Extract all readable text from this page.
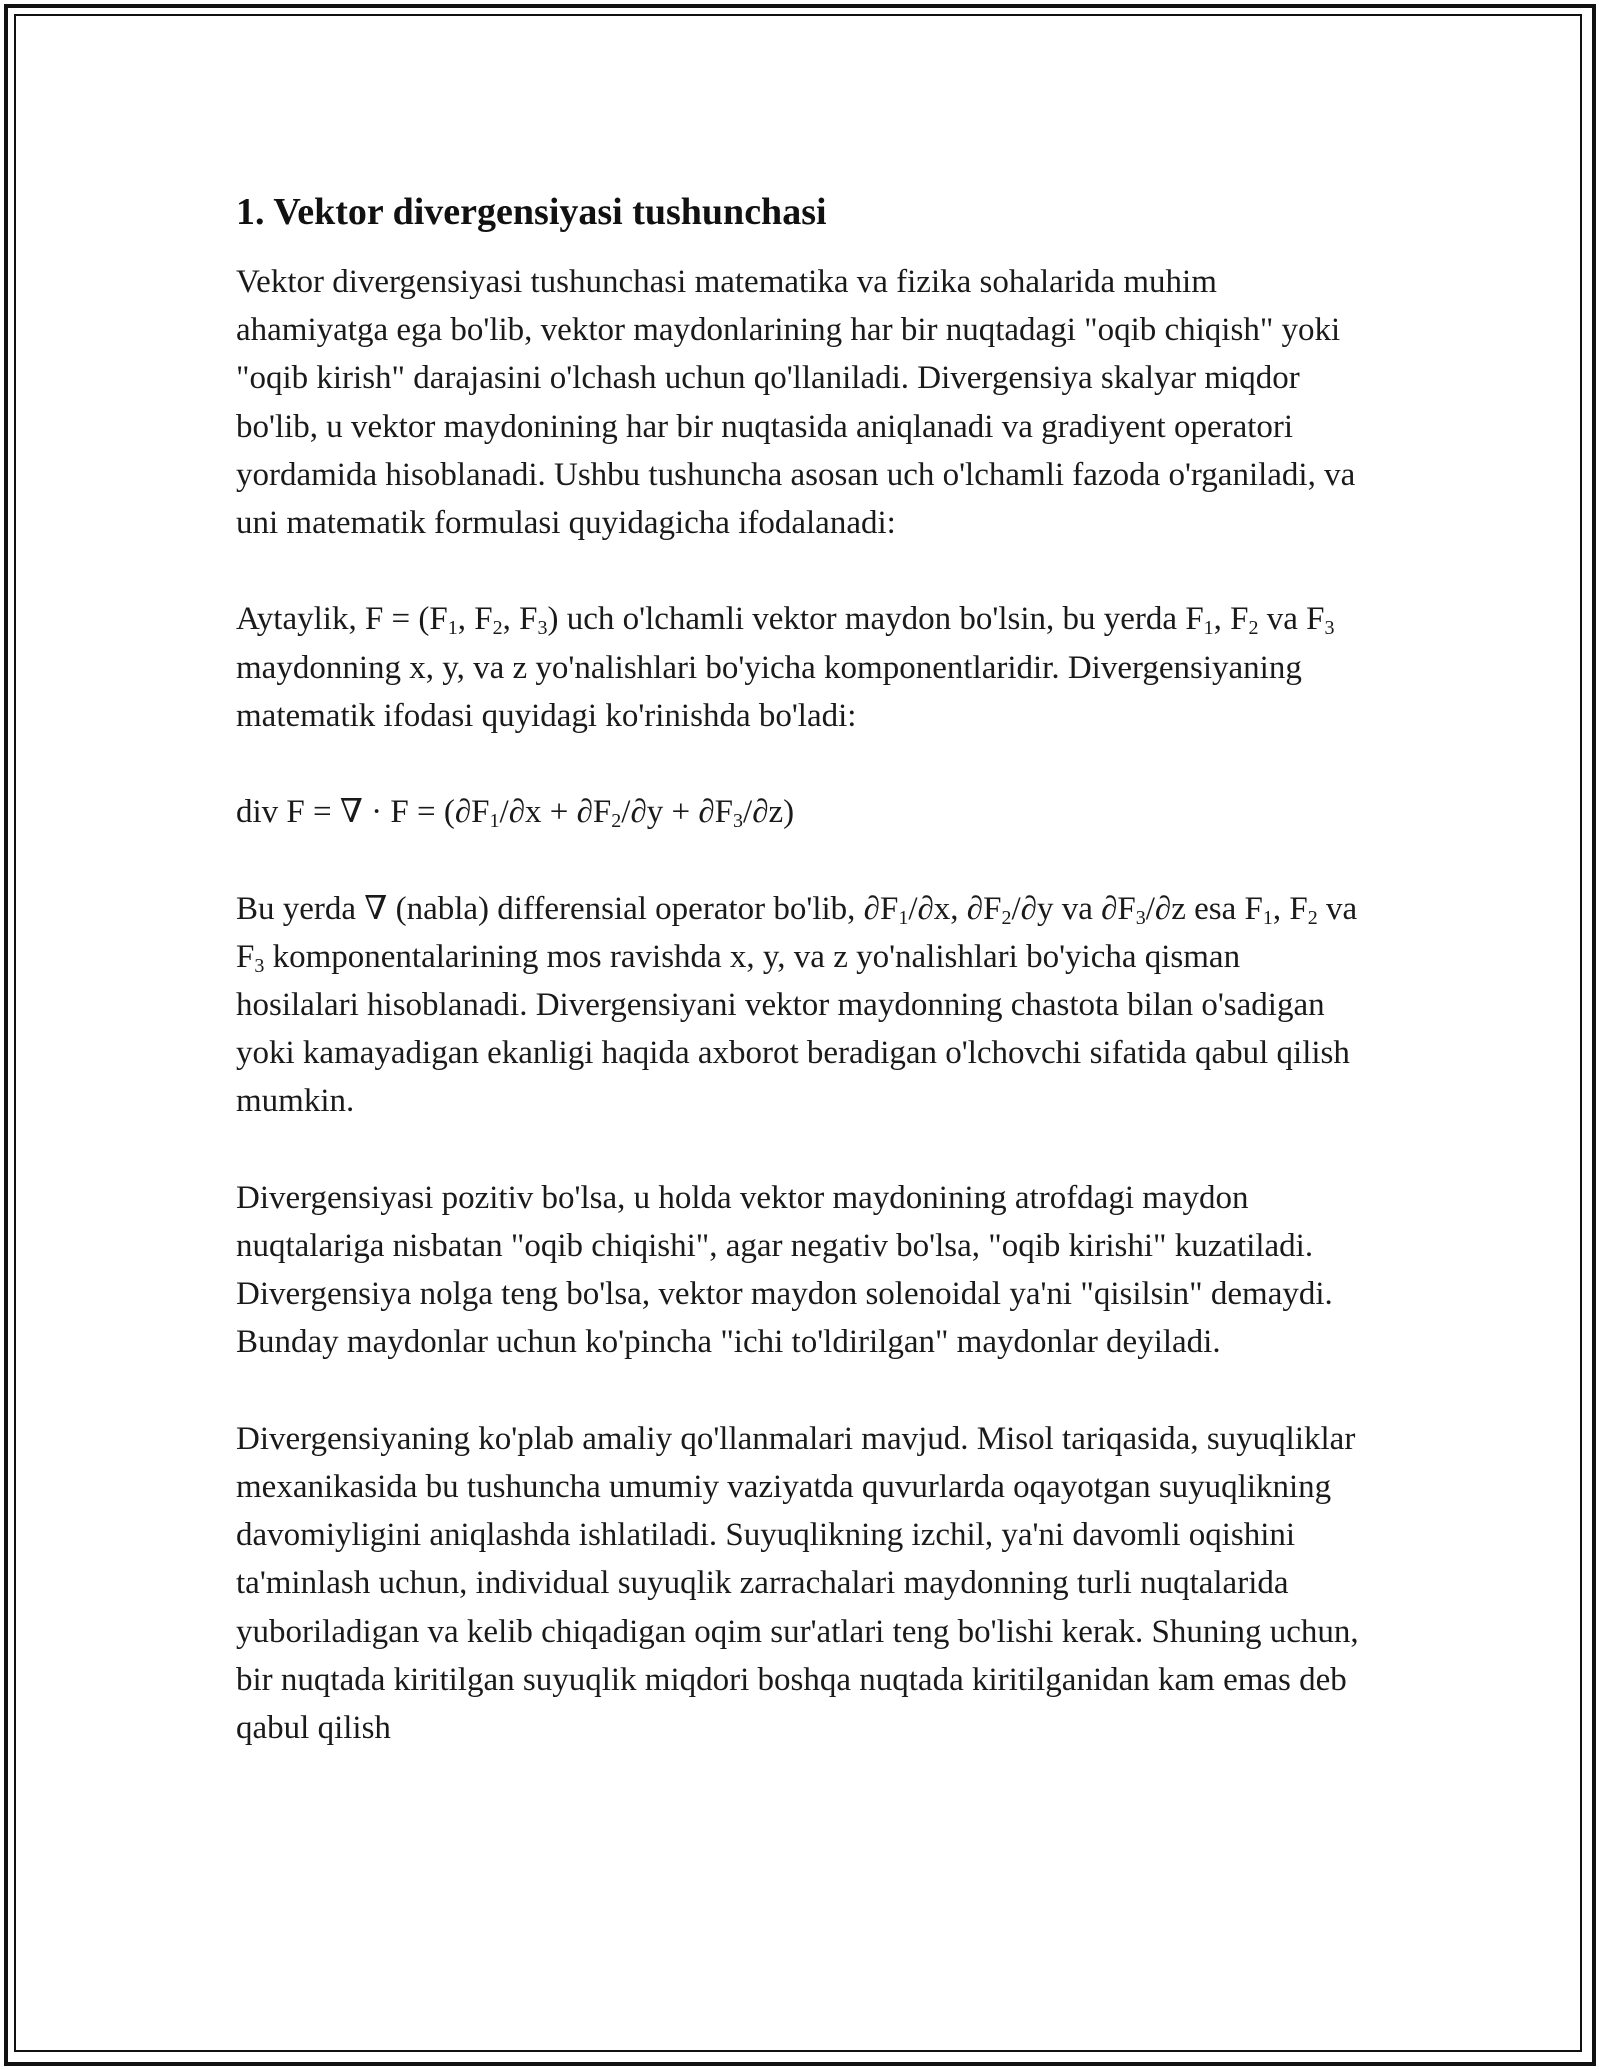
1. Vektor divergensiyasi tushunchasi

Vektor divergensiyasi tushunchasi matematika va fizika sohalarida muhim ahamiyatga ega bo'lib, vektor maydonlarining har bir nuqtadagi "oqib chiqish" yoki "oqib kirish" darajasini o'lchash uchun qo'llaniladi. Divergensiya skalyar miqdor bo'lib, u vektor maydonining har bir nuqtasida aniqlanadi va gradiyent operatori yordamida hisoblanadi. Ushbu tushuncha asosan uch o'lchamli fazoda o'rganiladi, va uni matematik formulasi quyidagicha ifodalanadi:

Aytaylik, $F = (F_1$, $F_2$, $F_3$) uch o'lchamli vektor maydon bo'lsin, bu yerda $F_1$, $F_2$ va $F_3$ maydonning x, y, va z yo'nalishlari bo'yicha komponentlaridir. Divergensiyaning matematik ifodasi quyidagi ko'rinishda bo'ladi:

div F = ∇ · $F = (\partial F_1/\partial x + \partial F_2/\partial y + \partial F_3/\partial z)$

Bu yerda ∇ (nabla) differensial operator bo'lib, $\partial F_1/\partial x$, $\partial F_2/\partial y$ va $\partial F_3/\partial z$ esa $F_1$, $F_2$ va $F_3$ komponentalarining mos ravishda x, y, va z yo'nalishlari bo'yicha qisman hosilalari hisoblanadi. Divergensiyani vektor maydonning chastota bilan o'sadigan yoki kamayadigan ekanligi haqida axborot beradigan o'lchovchi sifatida qabul qilish mumkin.

Divergensiyasi pozitiv bo'lsa, u holda vektor maydonining atrofdagi maydon nuqtalariga nisbatan "oqib chiqishi", agar negativ bo'lsa, "oqib kirishi" kuzatiladi. Divergensiya nolga teng bo'lsa, vektor maydon solenoidal ya'ni "qisilsin" demaydi. Bunday maydonlar uchun ko'pincha "ichi to'ldirilgan" maydonlar deyiladi.

Divergensiyaning ko'plab amaliy qo'llanmalari mavjud. Misol tariqasida, suyuqliklar mexanikasida bu tushuncha umumiy vaziyatda quvurlarda oqayotgan suyuqlikning davomiyligini aniqlashda ishlatiladi. Suyuqlikning izchil, ya'ni davomli oqishini ta'minlash uchun, individual suyuqlik zarrachalari maydonning turli nuqtalarida yuboriladigan va kelib chiqadigan oqim sur'atlari teng bo'lishi kerak. Shuning uchun, bir nuqtada kiritilgan suyuqlik miqdori boshqa nuqtada kiritilganidan kam emas deb qabul qilish
